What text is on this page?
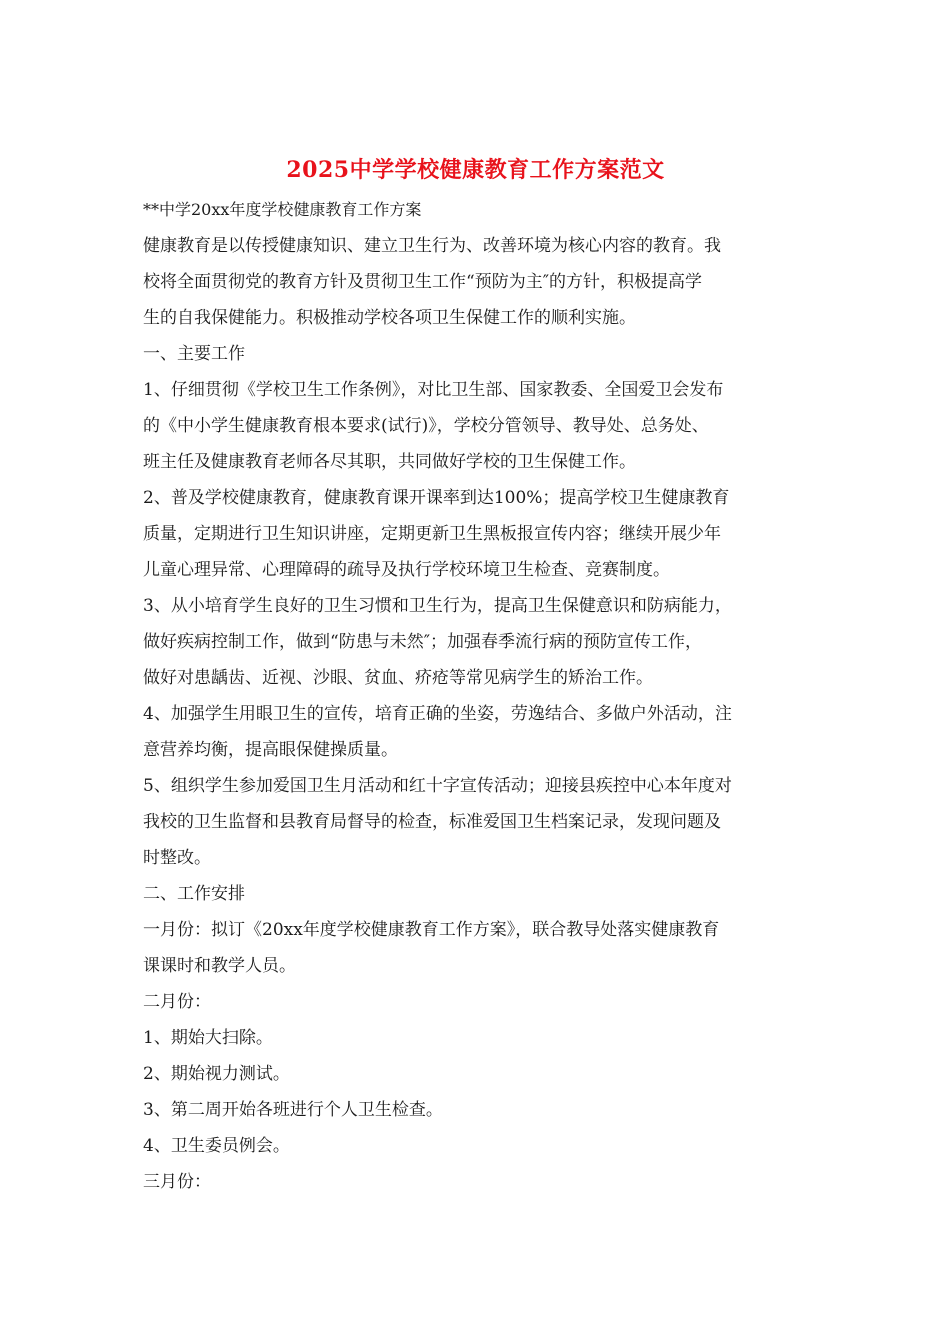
2025中学学校健康教育工作方案范文

**中学20xx年度学校健康教育工作方案

健康教育是以传授健康知识、建立卫生行为、改善环境为核心内容的教育。我

校将全面贯彻党的教育方针及贯彻卫生工作“预防为主″的方针，积极提高学

生的自我保健能力。积极推动学校各项卫生保健工作的顺利实施。

一、主要工作

1、仔细贯彻《学校卫生工作条例》，对比卫生部、国家教委、全国爱卫会发布

的《中小学生健康教育根本要求(试行)》，学校分管领导、教导处、总务处、

班主任及健康教育老师各尽其职，共同做好学校的卫生保健工作。

2、普及学校健康教育，健康教育课开课率到达100%；提高学校卫生健康教育

质量，定期进行卫生知识讲座，定期更新卫生黑板报宣传内容；继续开展少年

儿童心理异常、心理障碍的疏导及执行学校环境卫生检查、竞赛制度。

3、从小培育学生良好的卫生习惯和卫生行为，提高卫生保健意识和防病能力，

做好疾病控制工作，做到“防患与未然″；加强春季流行病的预防宣传工作，

做好对患龋齿、近视、沙眼、贫血、疥疮等常见病学生的矫治工作。

4、加强学生用眼卫生的宣传，培育正确的坐姿，劳逸结合、多做户外活动，注

意营养均衡，提高眼保健操质量。

5、组织学生参加爱国卫生月活动和红十字宣传活动；迎接县疾控中心本年度对

我校的卫生监督和县教育局督导的检查，标准爱国卫生档案记录，发现问题及

时整改。

二、工作安排

一月份：拟订《20xx年度学校健康教育工作方案》，联合教导处落实健康教育

课课时和教学人员。

二月份：

1、期始大扫除。

2、期始视力测试。

3、第二周开始各班进行个人卫生检查。

4、卫生委员例会。

三月份：
